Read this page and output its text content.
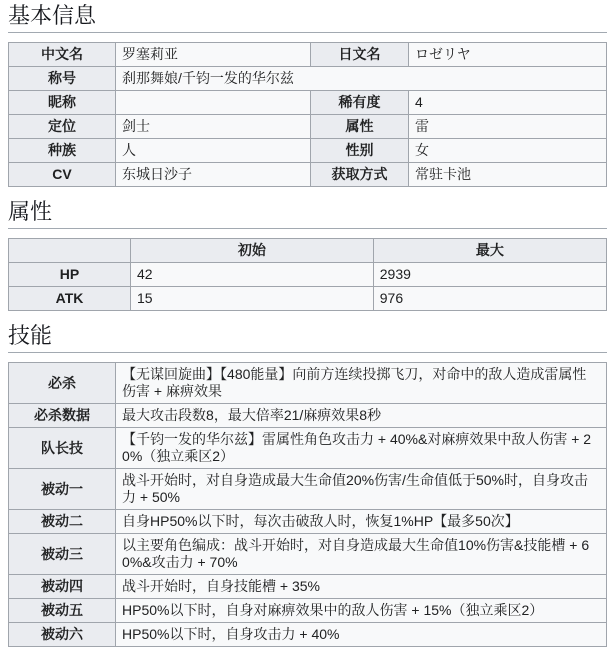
基本信息
中文名	罗塞莉亚	日文名	ロゼリヤ
称号	刹那舞娘/千钧一发的华尔兹		
昵称		稀有度	4
定位	剑士	属性	雷
种族	人	性别	女
CV	东城日沙子	获取方式	常驻卡池
属性
	初始	最大
HP	42	2939
ATK	15	976
技能
必杀	【无谋回旋曲】【480能量】向前方连续投掷飞刀，对命中的敌人造成雷属性伤害 + 麻痹效果
必杀数据	最大攻击段数8，最大倍率21/麻痹效果8秒
队长技	【千钧一发的华尔兹】雷属性角色攻击力 + 40%&对麻痹效果中敌人伤害 + 20%（独立乘区2）
被动一	战斗开始时，对自身造成最大生命值20%伤害/生命值低于50%时，自身攻击力 + 50%
被动二	自身HP50%以下时，每次击破敌人时，恢复1%HP【最多50次】
被动三	以主要角色编成：战斗开始时，对自身造成最大生命值10%伤害&技能槽 + 60%&攻击力 + 70%
被动四	战斗开始时，自身技能槽 + 35%
被动五	HP50%以下时，自身对麻痹效果中的敌人伤害 + 15%（独立乘区2）
被动六	HP50%以下时，自身攻击力 + 40%
